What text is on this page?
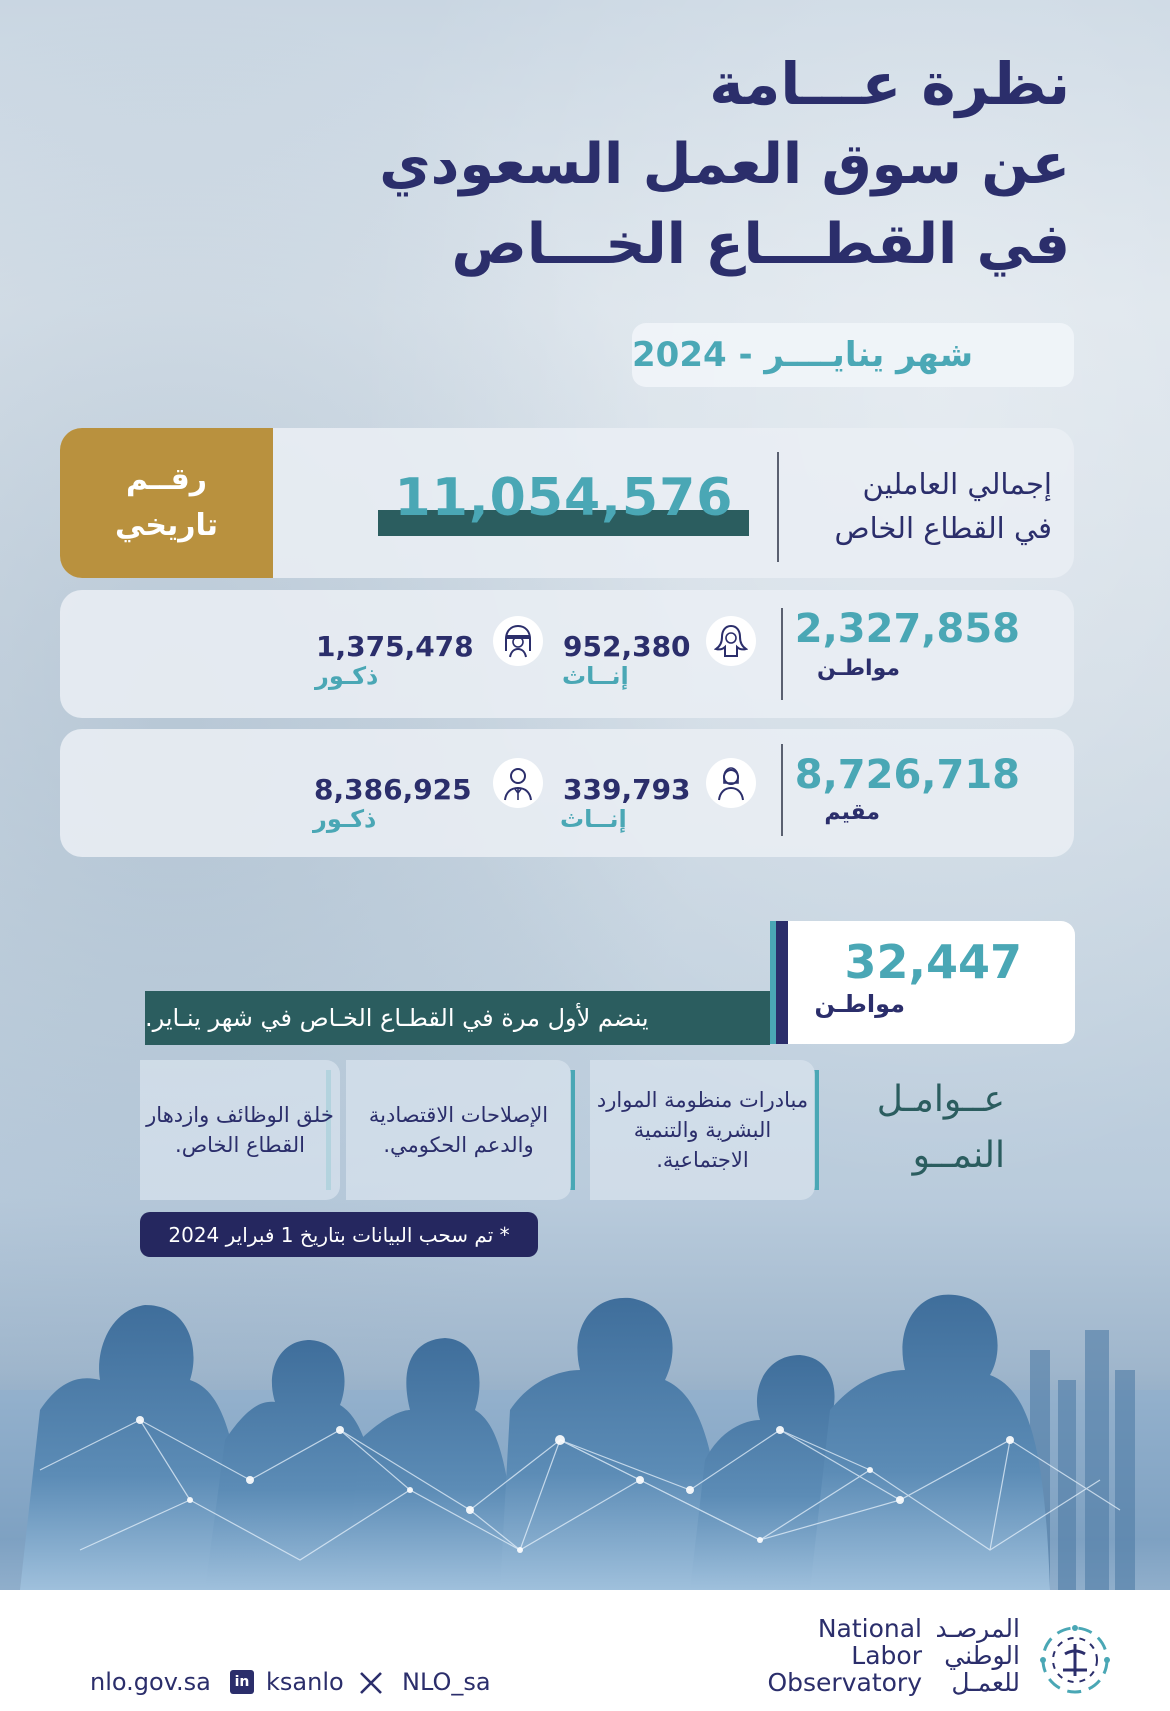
نظرة عـــامة
عن سوق العمل السعودي
في القطـــاع الخـــاص
شهر ينايــــر - 2024
رقــم
تاريخي	11,054,576	إجمالي العاملين
في القطاع الخاص
2,327,858
مواطـن
952,380
إنــاث
1,375,478
ذكـور
8,726,718
مقيم
339,793
إنــاث
8,386,925
ذكـور
32,447
مواطـن
ينضم لأول مرة في القطـاع الخـاص في شهر ينـاير.
عــوامـل
النمــو
مبادرات منظومة الموارد البشرية والتنمية الاجتماعية.
الإصلاحات الاقتصادية والدعم الحكومي.
خلق الوظائف وازدهار القطاع الخاص.
* تم سحب البيانات بتاريخ 1 فبراير 2024
nlo.gov.sa	in ksanlo NLO_sa
National
Labor
Observatory
المرصـد
الوطني
للعمـل
